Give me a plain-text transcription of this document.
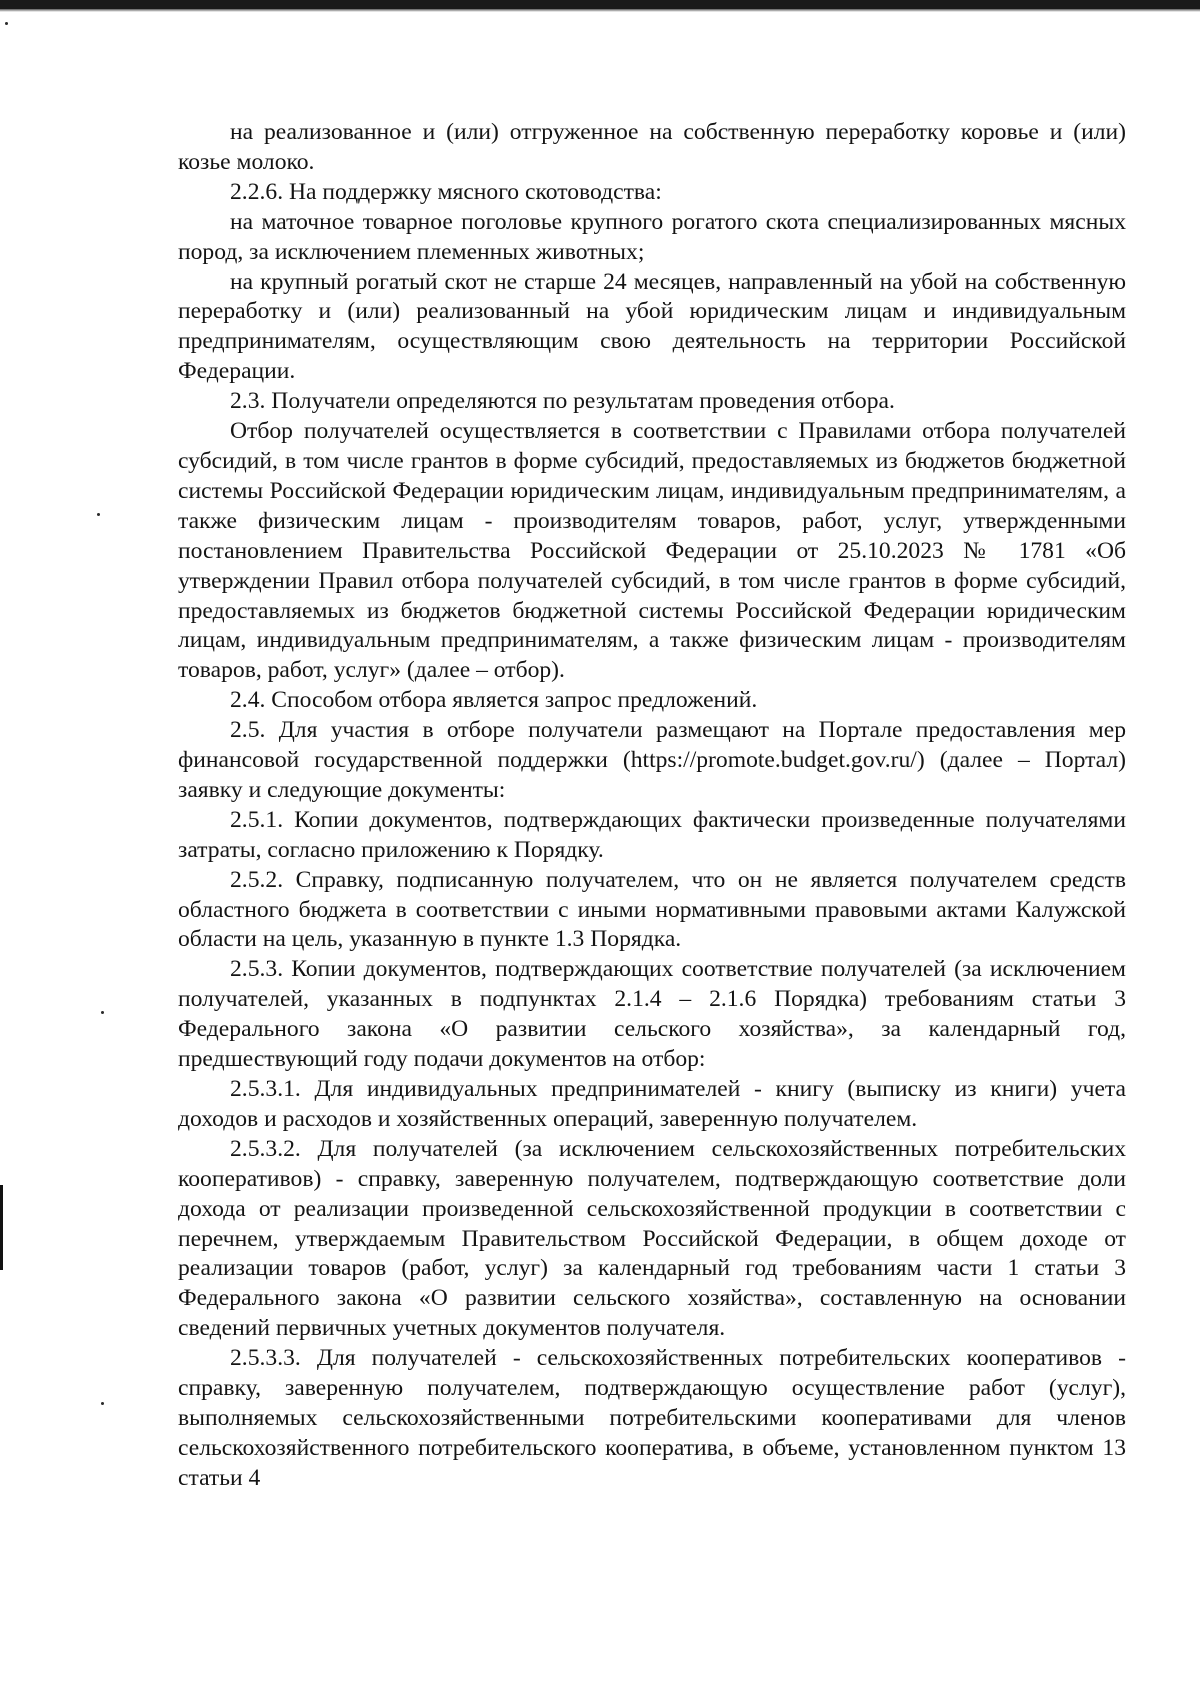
на реализованное и (или) отгруженное на собственную переработку коровье и (или) козье молоко.

2.2.6. На поддержку мясного скотоводства:

на маточное товарное поголовье крупного рогатого скота специализированных мясных пород, за исключением племенных животных;

на крупный рогатый скот не старше 24 месяцев, направленный на убой на собственную переработку и (или) реализованный на убой юридическим лицам и индивидуальным предпринимателям, осуществляющим свою деятельность на территории Российской Федерации.

2.3. Получатели определяются по результатам проведения отбора.

Отбор получателей осуществляется в соответствии с Правилами отбора получателей субсидий, в том числе грантов в форме субсидий, предоставляемых из бюджетов бюджетной системы Российской Федерации юридическим лицам, индивидуальным предпринимателям, а также физическим лицам - производителям товаров, работ, услуг, утвержденными постановлением Правительства Российской Федерации от 25.10.2023 № 1781 «Об утверждении Правил отбора получателей субсидий, в том числе грантов в форме субсидий, предоставляемых из бюджетов бюджетной системы Российской Федерации юридическим лицам, индивидуальным предпринимателям, а также физическим лицам - производителям товаров, работ, услуг» (далее – отбор).

2.4. Способом отбора является запрос предложений.

2.5. Для участия в отборе получатели размещают на Портале предоставления мер финансовой государственной поддержки (https://promote.budget.gov.ru/) (далее – Портал) заявку и следующие документы:

2.5.1. Копии документов, подтверждающих фактически произведенные получателями затраты, согласно приложению к Порядку.

2.5.2. Справку, подписанную получателем, что он не является получателем средств областного бюджета в соответствии с иными нормативными правовыми актами Калужской области на цель, указанную в пункте 1.3 Порядка.

2.5.3. Копии документов, подтверждающих соответствие получателей (за исключением получателей, указанных в подпунктах 2.1.4 – 2.1.6 Порядка) требованиям статьи 3 Федерального закона «О развитии сельского хозяйства», за календарный год, предшествующий году подачи документов на отбор:

2.5.3.1. Для индивидуальных предпринимателей - книгу (выписку из книги) учета доходов и расходов и хозяйственных операций, заверенную получателем.

2.5.3.2. Для получателей (за исключением сельскохозяйственных потребительских кооперативов) - справку, заверенную получателем, подтверждающую соответствие доли дохода от реализации произведенной сельскохозяйственной продукции в соответствии с перечнем, утверждаемым Правительством Российской Федерации, в общем доходе от реализации товаров (работ, услуг) за календарный год требованиям части 1 статьи 3 Федерального закона «О развитии сельского хозяйства», составленную на основании сведений первичных учетных документов получателя.

2.5.3.3. Для получателей - сельскохозяйственных потребительских кооперативов - справку, заверенную получателем, подтверждающую осуществление работ (услуг), выполняемых сельскохозяйственными потребительскими кооперативами для членов сельскохозяйственного потребительского кооператива, в объеме, установленном пунктом 13 статьи 4
